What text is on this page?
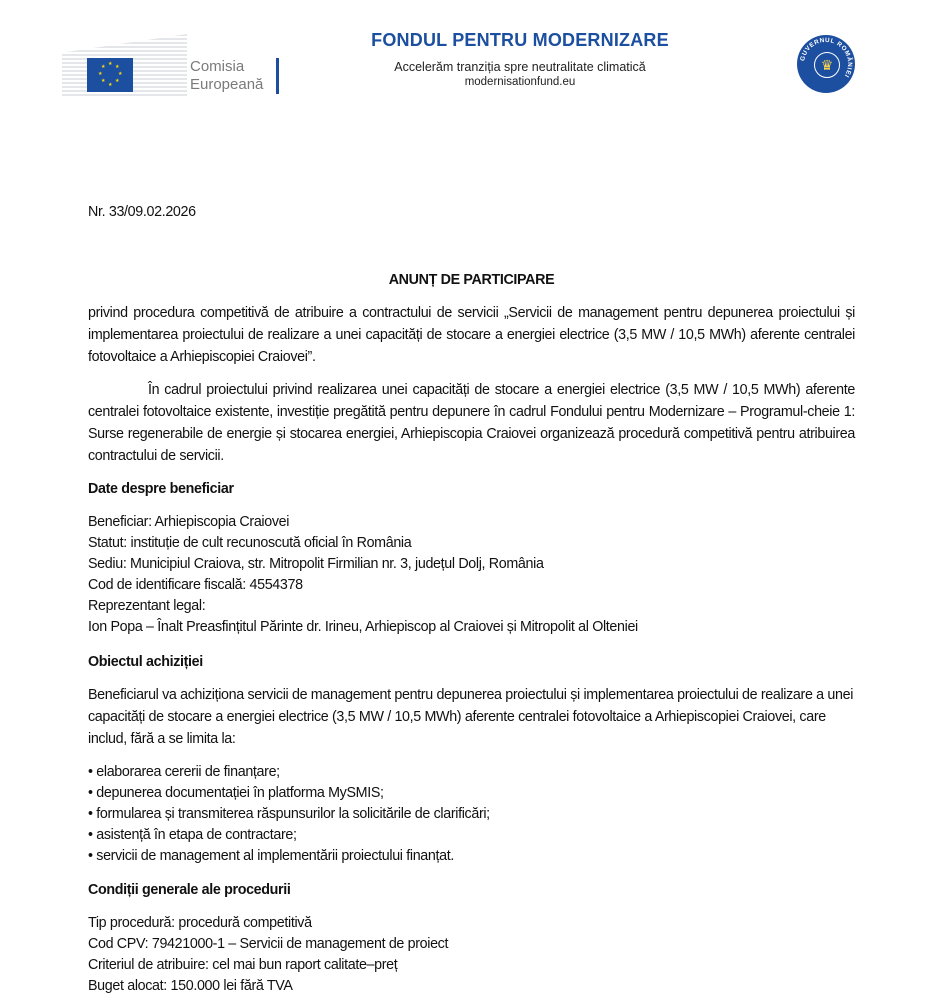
★ ★
★
★
★
★
★
★	Comisia
Europeană
FONDUL PENTRU MODERNIZARE
Accelerăm tranziția spre neutralitate climatică
modernisationfund.eu
GUVERNUL ROMÂNIEI
♛
Nr. 33/09.02.2026
ANUNȚ DE PARTICIPARE
privind procedura competitivă de atribuire a contractului de servicii „Servicii de management pentru depunerea proiectului și implementarea proiectului de realizare a unei capacități de stocare a energiei electrice (3,5 MW / 10,5 MWh) aferente centralei fotovoltaice a Arhiepiscopiei Craiovei”.
În cadrul proiectului privind realizarea unei capacități de stocare a energiei electrice (3,5 MW / 10,5 MWh) aferente centralei fotovoltaice existente, investiție pregătită pentru depunere în cadrul Fondului pentru Modernizare – Programul-cheie 1: Surse regenerabile de energie și stocarea energiei, Arhiepiscopia Craiovei organizează procedură competitivă pentru atribuirea contractului de servicii.
Date despre beneficiar
Beneficiar: Arhiepiscopia Craiovei
Statut: instituție de cult recunoscută oficial în România
Sediu: Municipiul Craiova, str. Mitropolit Firmilian nr. 3, județul Dolj, România
Cod de identificare fiscală: 4554378
Reprezentant legal:
Ion Popa – Înalt Preasfințitul Părinte dr. Irineu, Arhiepiscop al Craiovei și Mitropolit al Olteniei
Obiectul achiziției
Beneficiarul va achiziționa servicii de management pentru depunerea proiectului și implementarea proiectului de realizare a unei capacități de stocare a energiei electrice (3,5 MW / 10,5 MWh) aferente centralei fotovoltaice a Arhiepiscopiei Craiovei, care includ, fără a se limita la:
• elaborarea cererii de finanțare;
• depunerea documentației în platforma MySMIS;
• formularea și transmiterea răspunsurilor la solicitările de clarificări;
• asistență în etapa de contractare;
• servicii de management al implementării proiectului finanțat.
Condiții generale ale procedurii
Tip procedură: procedură competitivă
Cod CPV: 79421000-1 – Servicii de management de proiect
Criteriul de atribuire: cel mai bun raport calitate–preț
Buget alocat: 150.000 lei fără TVA
